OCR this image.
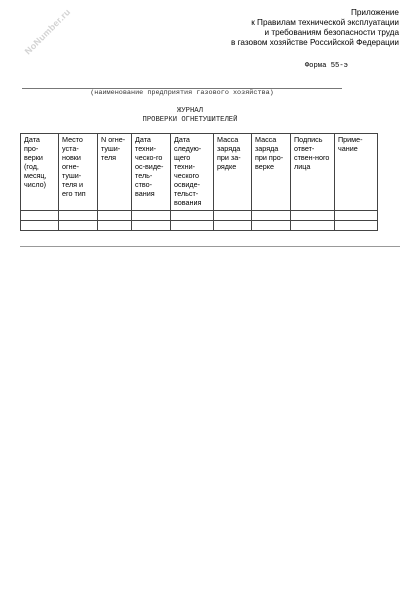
NoNumber.ru	Приложение
к Правилам технической эксплуатации
и требованиям безопасности труда
в газовом хозяйстве Российской Федерации
Форма 55-э
(наименование предприятия газового хозяйства)
ЖУРНАЛ
ПРОВЕРКИ ОГНЕТУШИТЕЛЕЙ
Дата про-верки (год, месяц, число)	Место уста-новки огне-туши-теля и его тип	N огне-туши-теля	Дата техни-ческо-го ос-виде-тель-ство-вания	Дата следую-щего техни-ческого освиде-тельст-вования	Масса заряда при за-рядке	Масса заряда при про-верке	Подпись ответ-ствен-ного лица	Приме-чание
